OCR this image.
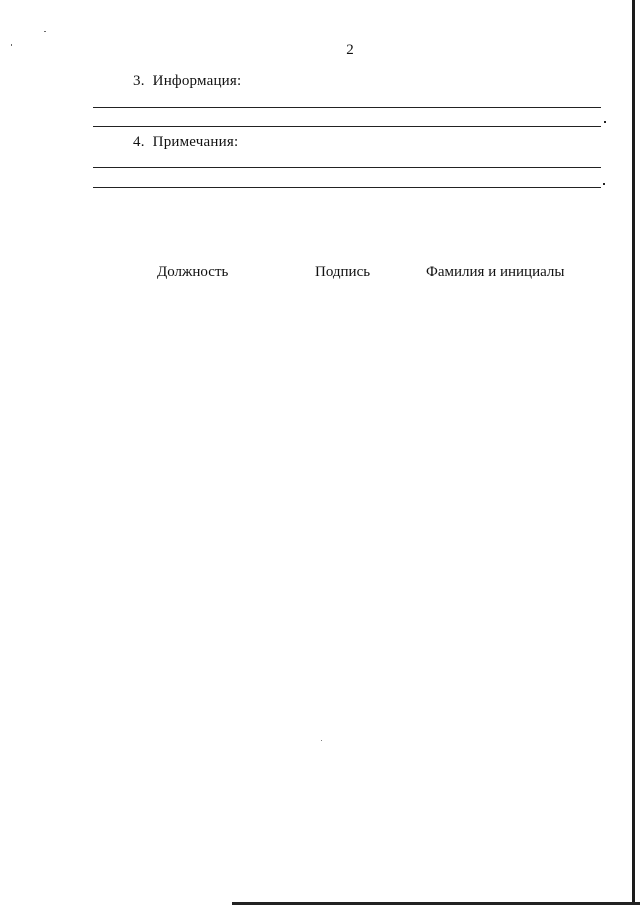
2
3. Информация:
4. Примечания:
Должность	Подпись	Фамилия и инициалы
